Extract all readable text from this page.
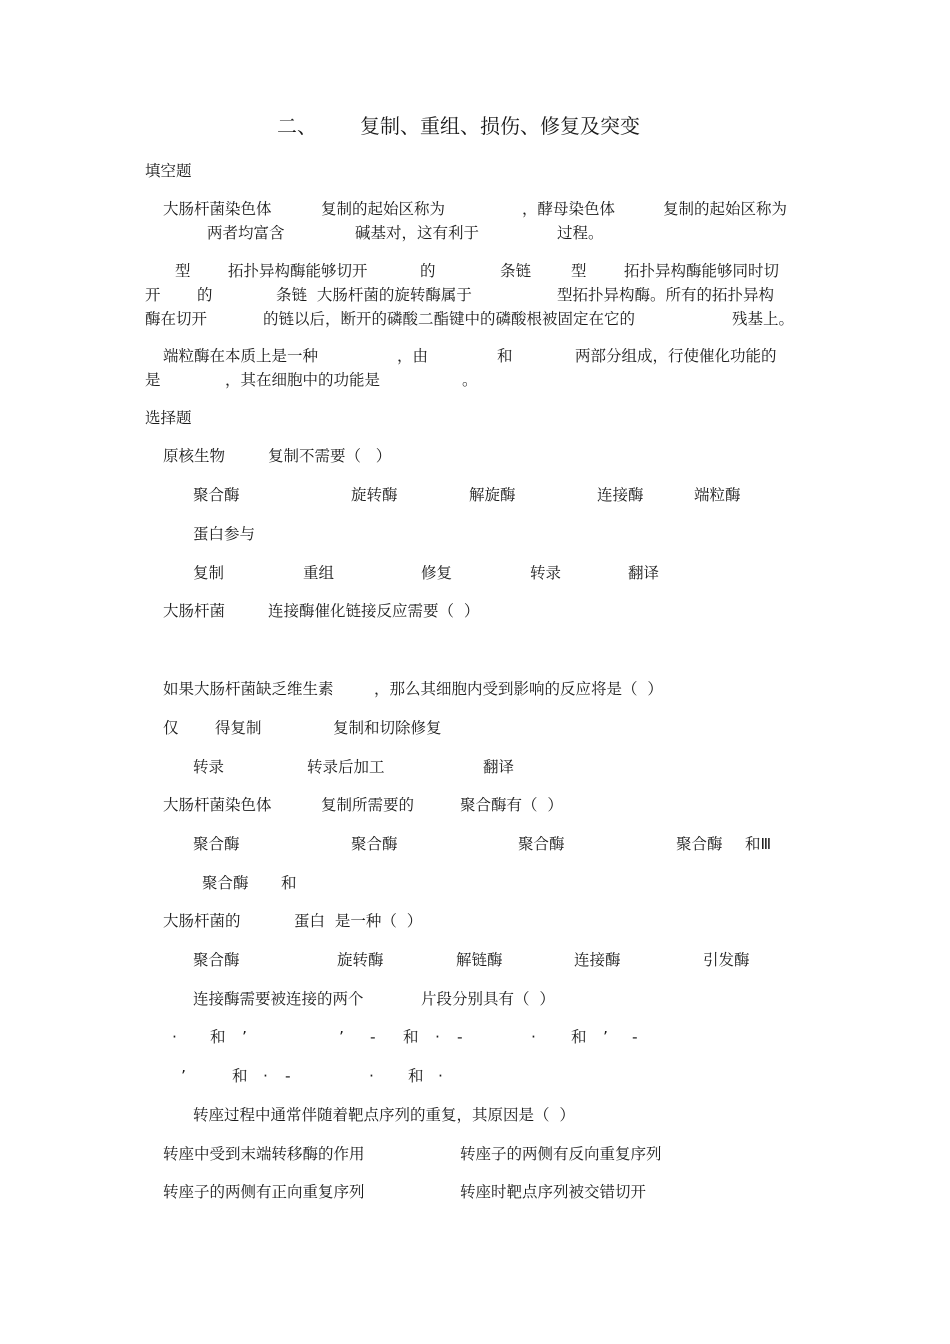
二、 复制、重组、损伤、修复及突变
填空题
大肠杆菌染色体	复制的起始区称为	，酵母染色体	复制的起始区称为
两者均富含	碱基对，这有利于	过程。
型 拓扑异构酶能够切开	的	条链	型 拓扑异构酶能够同时切
开 的	条链  大肠杆菌的旋转酶属于	型拓扑异构酶。所有的拓扑异构
酶在切开	的链以后，断开的磷酸二酯键中的磷酸根被固定在它的	残基上。
端粒酶在本质上是一种	，由	和	两部分组成，行使催化功能的
是	，其在细胞中的功能是	。
选择题
原核生物	复制不需要（   ）
聚合酶	旋转酶	解旋酶	连接酶	端粒酶
蛋白参与
复制	重组	修复	转录	翻译
大肠杆菌	连接酶催化链接反应需要（  ）
如果大肠杆菌缺乏维生素	，那么其细胞内受到影响的反应将是（  ）
仅 得复制	复制和切除修复
转录	转录后加工	翻译
大肠杆菌染色体	复制所需要的	聚合酶有（  ）
聚合酶	聚合酶	聚合酶	聚合酶 和Ⅲ
聚合酶 和
大肠杆菌的	蛋白  是一种（  ）
聚合酶	旋转酶	解链酶	连接酶	引发酶
连接酶需要被连接的两个	片段分别具有（  ）
· 和 ’	’ - 和 · -	· 和 ’ -
’	和 · -	· 和 ·
转座过程中通常伴随着靶点序列的重复，其原因是（  ）
转座中受到末端转移酶的作用	转座子的两侧有反向重复序列
转座子的两侧有正向重复序列	转座时靶点序列被交错切开
